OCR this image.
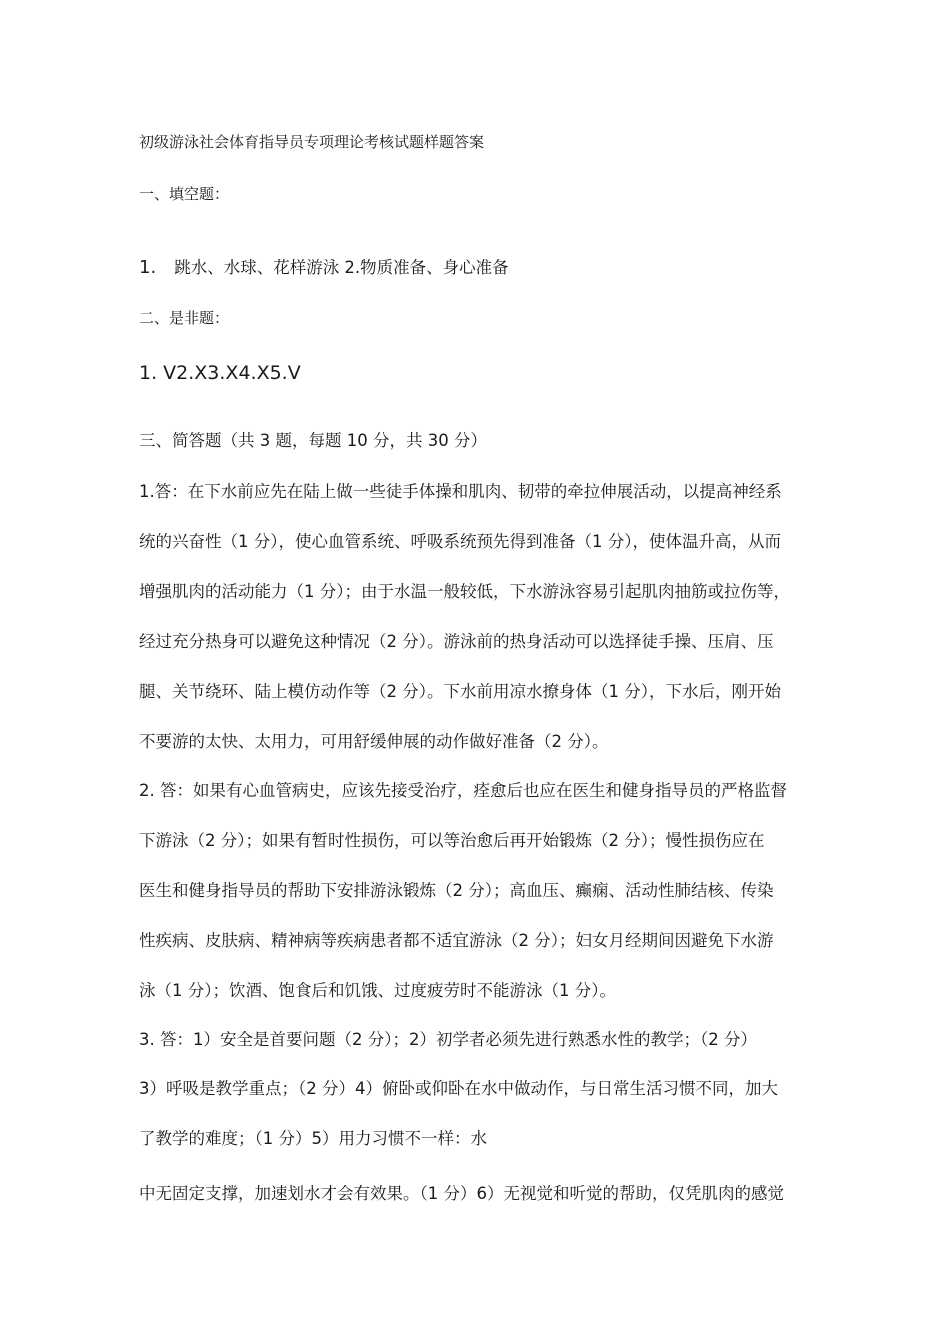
初级游泳社会体育指导员专项理论考核试题样题答案
一、填空题：
1. 跳水、水球、花样游泳 2.物质准备、身心准备
二、是非题：
1. V2.X3.X4.X5.V
三、简答题（共 3 题，每题 10 分，共 30 分）
1.答：在下水前应先在陆上做一些徒手体操和肌肉、韧带的牵拉伸展活动，以提高神经系
统的兴奋性（1 分），使心血管系统、呼吸系统预先得到准备（1 分），使体温升高，从而
增强肌肉的活动能力（1 分）；由于水温一般较低，下水游泳容易引起肌肉抽筋或拉伤等，
经过充分热身可以避免这种情况（2 分）。游泳前的热身活动可以选择徒手操、压肩、压
腿、关节绕环、陆上模仿动作等（2 分）。下水前用凉水撩身体（1 分），下水后，刚开始
不要游的太快、太用力，可用舒缓伸展的动作做好准备（2 分）。
2. 答：如果有心血管病史，应该先接受治疗，痊愈后也应在医生和健身指导员的严格监督
下游泳（2 分）；如果有暂时性损伤，可以等治愈后再开始锻炼（2 分）；慢性损伤应在
医生和健身指导员的帮助下安排游泳锻炼（2 分）；高血压、癫痫、活动性肺结核、传染
性疾病、皮肤病、精神病等疾病患者都不适宜游泳（2 分）；妇女月经期间因避免下水游
泳（1 分）；饮酒、饱食后和饥饿、过度疲劳时不能游泳（1 分）。
3. 答：1）安全是首要问题（2 分）；2）初学者必须先进行熟悉水性的教学；（2 分）
3）呼吸是教学重点；（2 分）4）俯卧或仰卧在水中做动作，与日常生活习惯不同，加大
了教学的难度；（1 分）5）用力习惯不一样：水
中无固定支撑，加速划水才会有效果。（1 分）6）无视觉和听觉的帮助，仅凭肌肉的感觉
